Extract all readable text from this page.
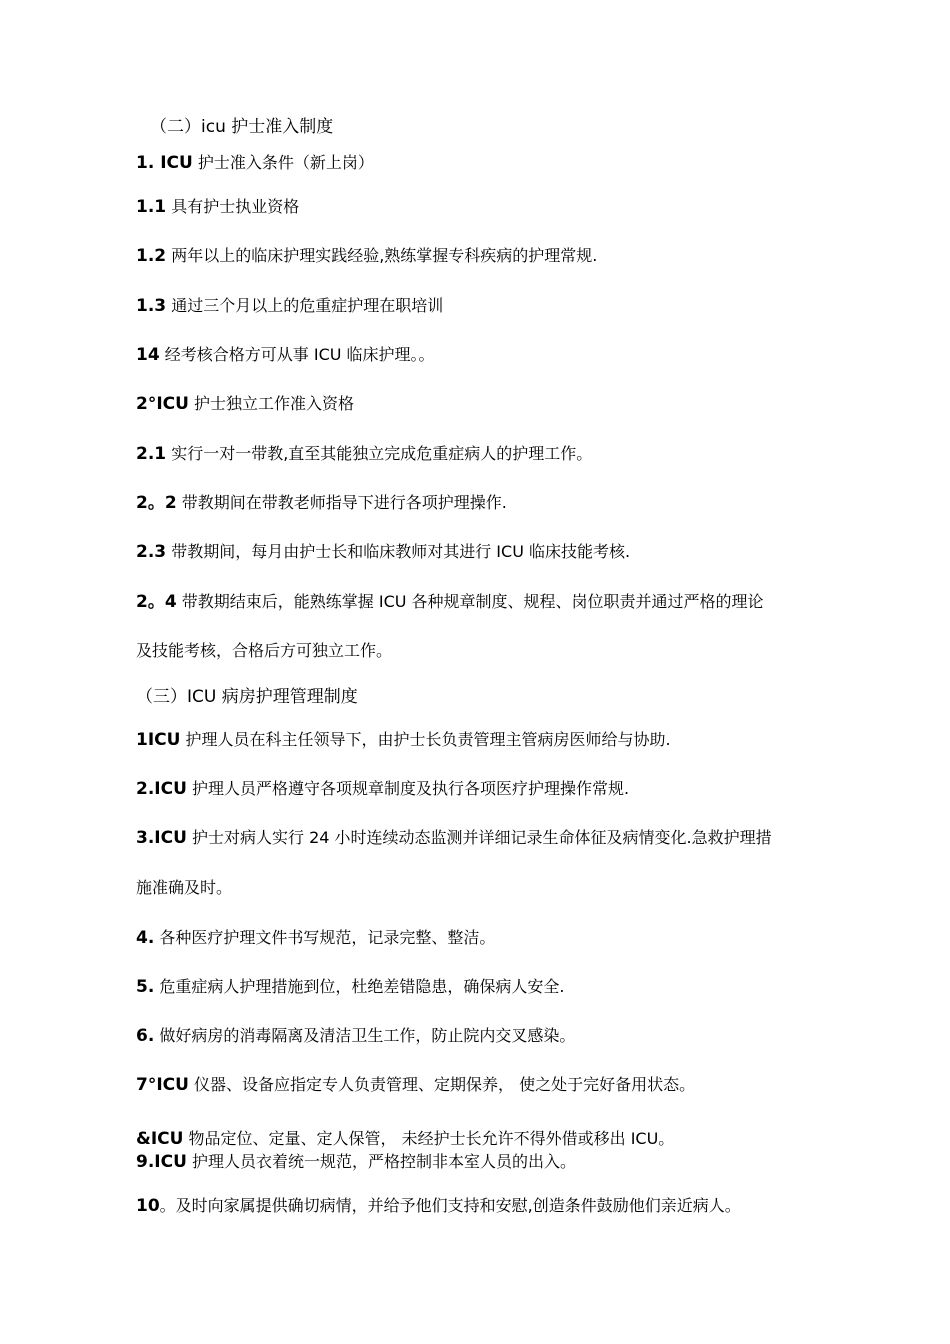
（二）icu 护士准入制度
1. ICU 护士准入条件（新上岗）
1.1 具有护士执业资格
1.2 两年以上的临床护理实践经验,熟练掌握专科疾病的护理常规.
1.3 通过三个月以上的危重症护理在职培训
14 经考核合格方可从事 ICU 临床护理。。
2°ICU 护士独立工作准入资格
2.1 实行一对一带教,直至其能独立完成危重症病人的护理工作。
2。2 带教期间在带教老师指导下进行各项护理操作.
2.3 带教期间，每月由护士长和临床教师对其进行 ICU 临床技能考核.
2。4 带教期结束后，能熟练掌握 ICU 各种规章制度、规程、岗位职责并通过严格的理论
及技能考核，合格后方可独立工作。
（三）ICU 病房护理管理制度
1ICU 护理人员在科主任领导下，由护士长负责管理主管病房医师给与协助.
2.ICU 护理人员严格遵守各项规章制度及执行各项医疗护理操作常规.
3.ICU 护士对病人实行 24 小时连续动态监测并详细记录生命体征及病情变化.急救护理措
施准确及时。
4. 各种医疗护理文件书写规范，记录完整、整洁。
5. 危重症病人护理措施到位，杜绝差错隐患，确保病人安全.
6. 做好病房的消毒隔离及清洁卫生工作，防止院内交叉感染。
7°ICU 仪器、设备应指定专人负责管理、定期保养， 使之处于完好备用状态。
&ICU 物品定位、定量、定人保管， 未经护士长允许不得外借或移出 ICU。
9.ICU 护理人员衣着统一规范，严格控制非本室人员的出入。
10。及时向家属提供确切病情，并给予他们支持和安慰,创造条件鼓励他们亲近病人。
